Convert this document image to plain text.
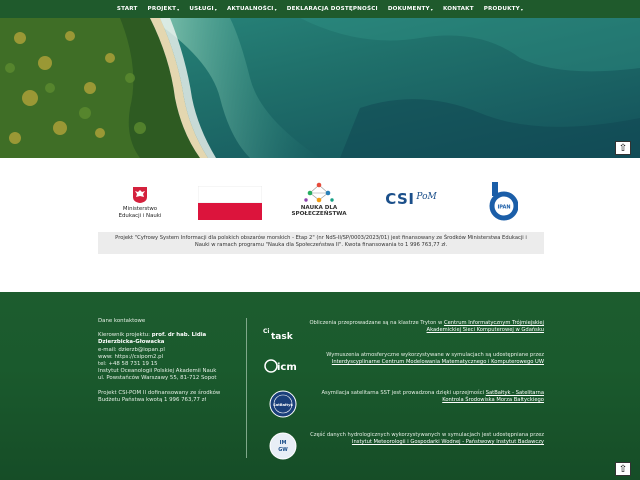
START PROJEKT ▾ USŁUGI ▾ AKTUALNOŚCI ▾ DEKLARACJA DOSTĘPNOŚCI DOKUMENTY ▾ KONTAKT PRODUKTY ▾
⇧
Ministerstwo
Edukacji i Nauki
NAUKA DLA
SPOŁECZEŃSTWA
CSI PoM
IPAN
Projekt "Cyfrowy System Informacji dla polskich obszarów morskich - Etap 2" (nr NdS-II/SP/0003/2023/01) jest finansowany ze Środków Ministerstwa Edukacji i Nauki w ramach programu "Nauka dla Społeczeństwa II". Kwota finansowania to 1 996 763,77 zł.
Dane kontaktowe
Kierownik projektu: prof. dr hab. Lidia Dzierzbicka-Głowacka
e-mail: dzierzb@iopan.pl
www: https://csipom2.pl
tel: +48 58 731 19 15
Instytut Oceanologii Polskiej Akademii Nauk
ul. Powstańców Warszawy 55, 81-712 Sopot
Projekt CSI-POM II dofinansowany ze środków Budżetu Państwa kwotą 1 996 763,77 zł
Ci
task
Obliczenia przeprowadzane są na klastrze Tryton w Centrum Informatycznym Trójmiejskiej Akademickiej Sieci Komputerowej w Gdańsku
icm
Wymuszenia atmosferyczne wykorzystywane w symulacjach są udostępniane przez Interdyscyplinarne Centrum Modelowania Matematycznego i Komputerowego UW
SatBałtyk
Asymilacja satelitarna SST jest prowadzona dzięki uprzejmości SatBałtyk - Satelitarna Kontrola Środowiska Morza Bałtyckiego
IM
GW
Część danych hydrologicznych wykorzystywanych w symulacjach jest udostępniana przez Instytut Meteorologii i Gospodarki Wodnej - Państwowy Instytut Badawczy
⇧
